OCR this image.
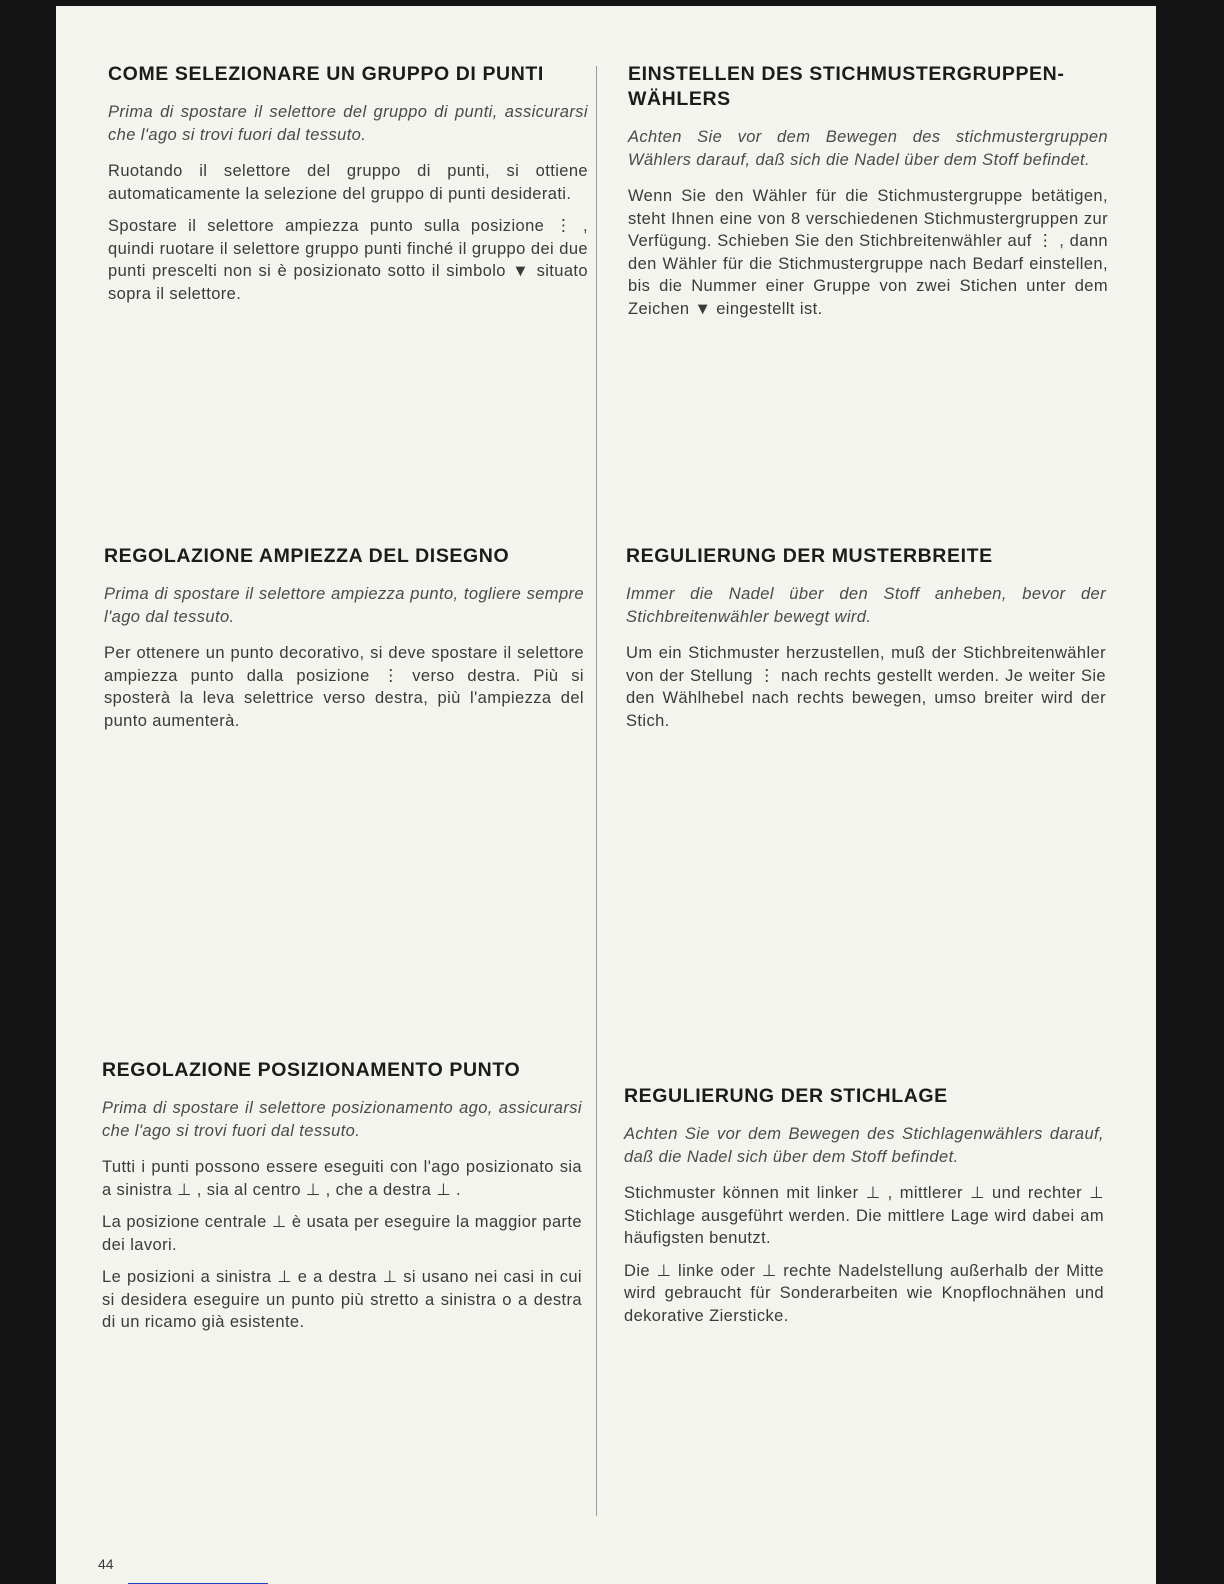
COME SELEZIONARE UN GRUPPO DI PUNTI

Prima di spostare il selettore del gruppo di punti, assicurarsi che l'ago si trovi fuori dal tessuto.

Ruotando il selettore del gruppo di punti, si ottiene automaticamente la selezione del gruppo di punti desiderati.

Spostare il selettore ampiezza punto sulla posizione ⋮ , quindi ruotare il selettore gruppo punti finché il gruppo dei due punti prescelti non si è posizionato sotto il simbolo ▼ situato sopra il selettore.

REGOLAZIONE AMPIEZZA DEL DISEGNO

Prima di spostare il selettore ampiezza punto, togliere sempre l'ago dal tessuto.

Per ottenere un punto decorativo, si deve spostare il selettore ampiezza punto dalla posizione ⋮ verso destra. Più si sposterà la leva selettrice verso destra, più l'ampiezza del punto aumenterà.

REGOLAZIONE POSIZIONAMENTO PUNTO

Prima di spostare il selettore posizionamento ago, assicurarsi che l'ago si trovi fuori dal tessuto.

Tutti i punti possono essere eseguiti con l'ago posizionato sia a sinistra ⊥ , sia al centro ⊥ , che a destra ⊥ .

La posizione centrale ⊥ è usata per eseguire la maggior parte dei lavori.

Le posizioni a sinistra ⊥ e a destra ⊥ si usano nei casi in cui si desidera eseguire un punto più stretto a sinistra o a destra di un ricamo già esistente.

EINSTELLEN DES STICHMUSTERGRUPPEN-WÄHLERS

Achten Sie vor dem Bewegen des stichmustergruppen Wählers darauf, daß sich die Nadel über dem Stoff befindet.

Wenn Sie den Wähler für die Stichmustergruppe betätigen, steht Ihnen eine von 8 verschiedenen Stichmustergruppen zur Verfügung. Schieben Sie den Stichbreitenwähler auf ⋮ , dann den Wähler für die Stichmustergruppe nach Bedarf einstellen, bis die Nummer einer Gruppe von zwei Stichen unter dem Zeichen ▼ eingestellt ist.

REGULIERUNG DER MUSTERBREITE

Immer die Nadel über den Stoff anheben, bevor der Stichbreitenwähler bewegt wird.

Um ein Stichmuster herzustellen, muß der Stichbreitenwähler von der Stellung ⋮ nach rechts gestellt werden. Je weiter Sie den Wählhebel nach rechts bewegen, umso breiter wird der Stich.

REGULIERUNG DER STICHLAGE

Achten Sie vor dem Bewegen des Stichlagenwählers darauf, daß die Nadel sich über dem Stoff befindet.

Stichmuster können mit linker ⊥ , mittlerer ⊥ und rechter ⊥ Stichlage ausgeführt werden. Die mittlere Lage wird dabei am häufigsten benutzt.

Die ⊥ linke oder ⊥ rechte Nadelstellung außerhalb der Mitte wird gebraucht für Sonderarbeiten wie Knopflochnähen und dekorative Ziersticke.

44
